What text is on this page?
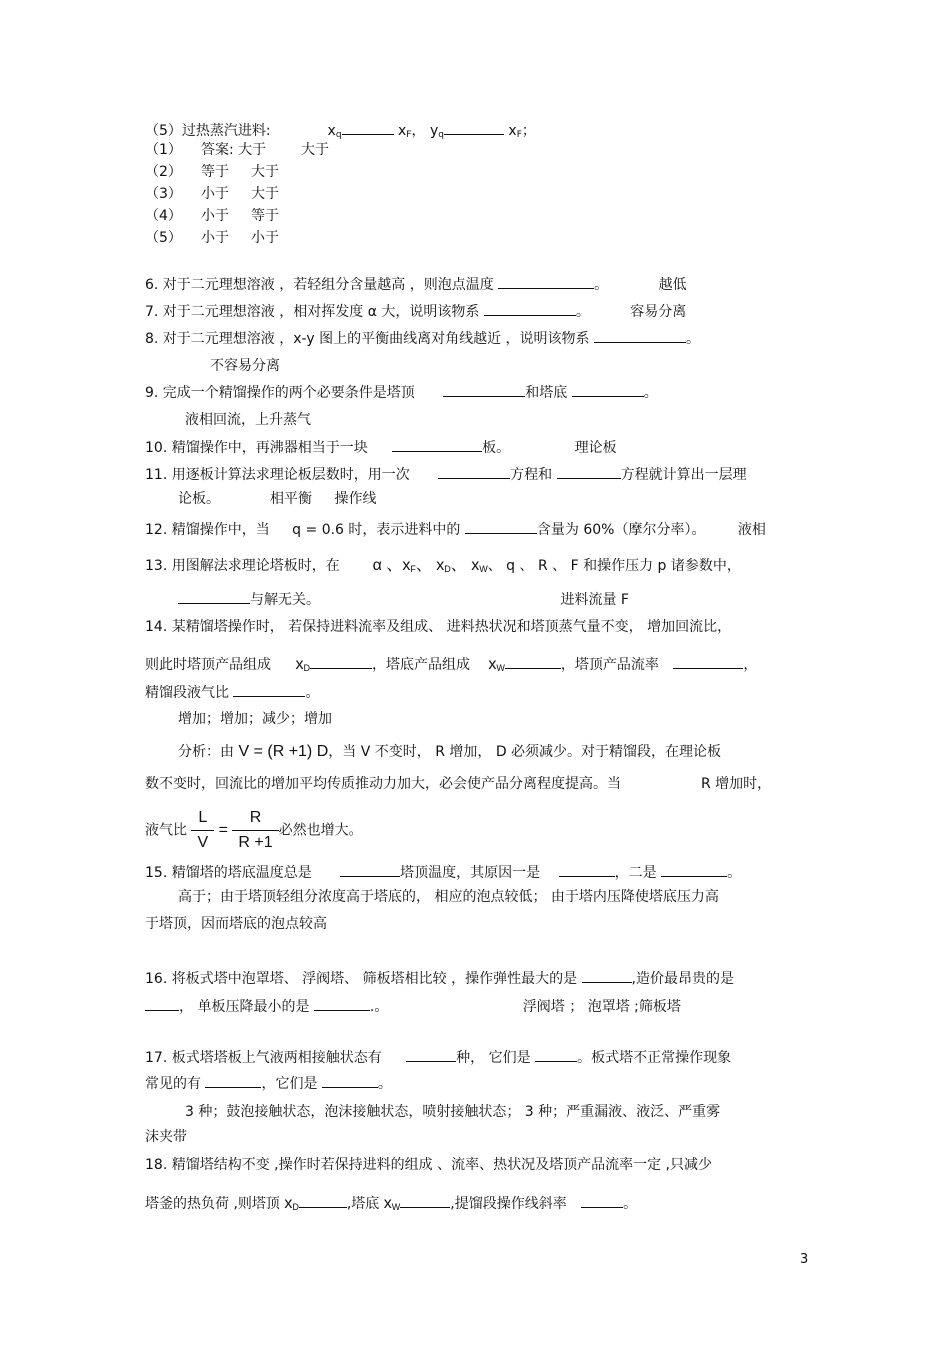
（5）过热蒸汽进料:	$x_q$	$x_F$， $y_q$	$x_F$；
（1） 答案: 大于 大于
（2） 等于 大于
（3） 小于 大于
（4） 小于 等于
（5） 小于 小于
6. 对于二元理想溶液 ，若轻组分含量越高 ，则泡点温度	。	越低
7. 对于二元理想溶液 ，相对挥发度 α 大，说明该物系	。	容易分离
8. 对于二元理想溶液 ，x-y 图上的平衡曲线离对角线越近 ，说明该物系	。
不容易分离
9. 完成一个精馏操作的两个必要条件是塔顶	和塔底	。
液相回流，上升蒸气
10. 精馏操作中，再沸器相当于一块	板。	理论板
11. 用逐板计算法求理论板层数时，用一次	方程和	方程就计算出一层理
论板。	相平衡 操作线
12. 精馏操作中，当 q = 0.6 时，表示进料中的	含量为 60%（摩尔分率）。 液相
13. 用图解法求理论塔板时，在 α 、$x_F$、 $x_D$、 $x_W$、 q 、 R 、 F 和操作压力 p 诸参数中，
与解无关。	进料流量 F
14. 某精馏塔操作时， 若保持进料流率及组成、 进料热状况和塔顶蒸气量不变， 增加回流比，
则此时塔顶产品组成 $x_D$	，塔底产品组成 $x_W$	，塔顶产品流率	，
精馏段液气比	。
增加；增加；减少；增加
分析：由 V = (R +1) D，当 V 不变时， R 增加， D 必须减少。对于精馏段，在理论板
数不变时，回流比的增加平均传质推动力加大，必会使产品分离程度提高。当	R 增加时，
液气比 $\frac{L}{V} = \frac{R}{R +1}$ 必然也增大。
15. 精馏塔的塔底温度总是	塔顶温度，其原因一是	，二是	。
高于；由于塔顶轻组分浓度高于塔底的， 相应的泡点较低； 由于塔内压降使塔底压力高
于塔顶，因而塔底的泡点较高
16. 将板式塔中泡罩塔、 浮阀塔、 筛板塔相比较 ，操作弹性最大的是	,造价最昂贵的是
， 单板压降最小的是	.。	浮阀塔 ； 泡罩塔 ;筛板塔
17. 板式塔塔板上气液两相接触状态有	种， 它们是	。板式塔不正常操作现象
常见的有	，它们是	。
3 种；鼓泡接触状态，泡沫接触状态，喷射接触状态； 3 种；严重漏液、液泛、严重雾
沫夹带
18. 精馏塔结构不变 ,操作时若保持进料的组成 、流率、热状况及塔顶产品流率一定 ,只减少
塔釜的热负荷 ,则塔顶 $x_D$	,塔底 $x_W$	,提馏段操作线斜率	。
3
